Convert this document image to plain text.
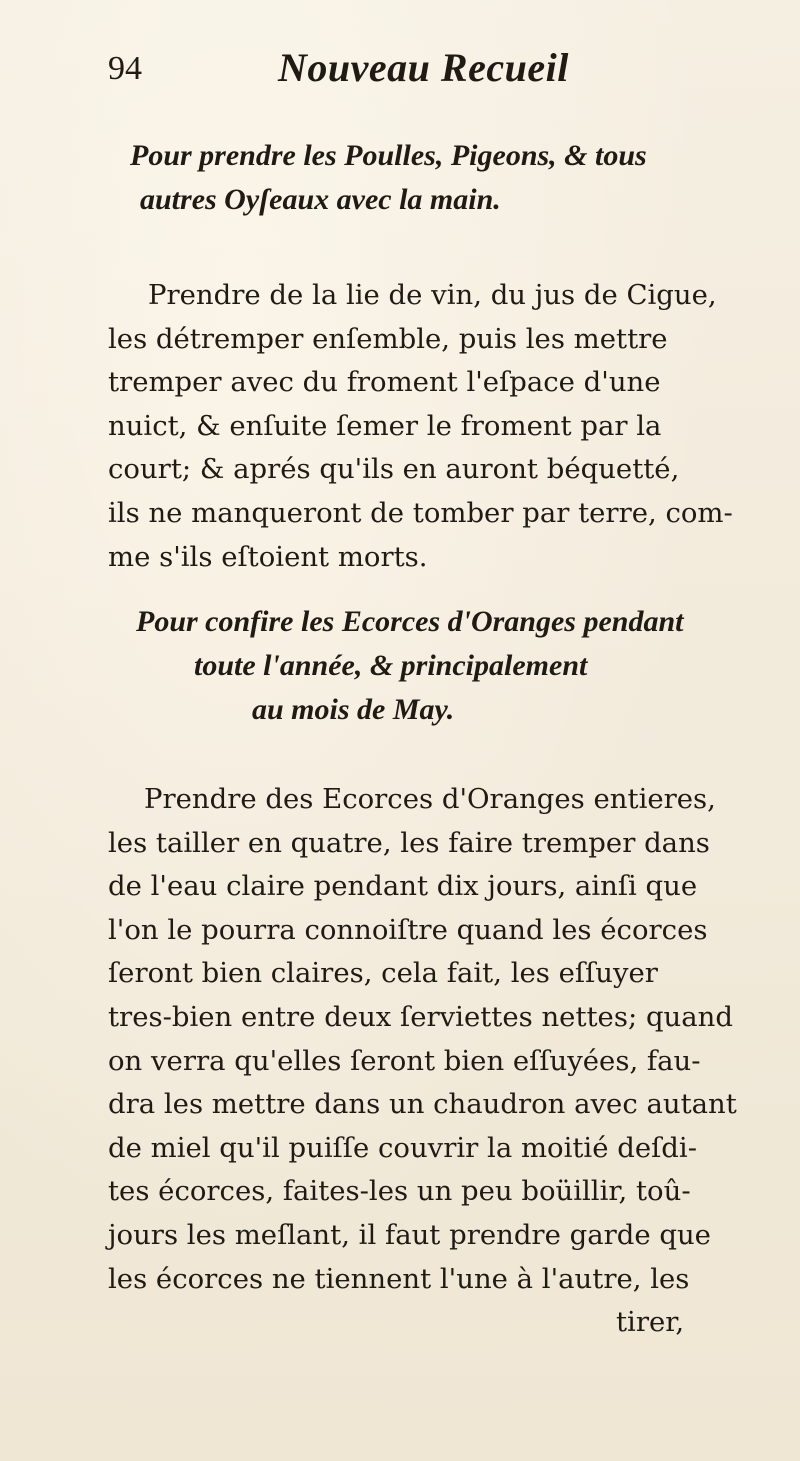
94	Nouveau Recueil
Pour prendre les Poulles, Pigeons, & tous
autres Oyſeaux avec la main.
Prendre de la lie de vin, du jus de Cigue,
les détremper enſemble, puis les mettre
tremper avec du froment l'eſpace d'une
nuict, & enſuite ſemer le froment par la
court; & aprés qu'ils en auront béquetté,
ils ne manqueront de tomber par terre, com-
me s'ils eſtoient morts.
Pour confire les Ecorces d'Oranges pendant
toute l'année, & principalement
au mois de May.
Prendre des Ecorces d'Oranges entieres,
les tailler en quatre, les faire tremper dans
de l'eau claire pendant dix jours, ainſi que
l'on le pourra connoiſtre quand les écorces
ſeront bien claires, cela fait, les eſſuyer
tres-bien entre deux ſerviettes nettes; quand
on verra qu'elles ſeront bien eſſuyées, fau-
dra les mettre dans un chaudron avec autant
de miel qu'il puiſſe couvrir la moitié deſdi-
tes écorces, faites-les un peu boüillir, toû-
jours les meſlant, il faut prendre garde que
les écorces ne tiennent l'une à l'autre, les
tirer,
